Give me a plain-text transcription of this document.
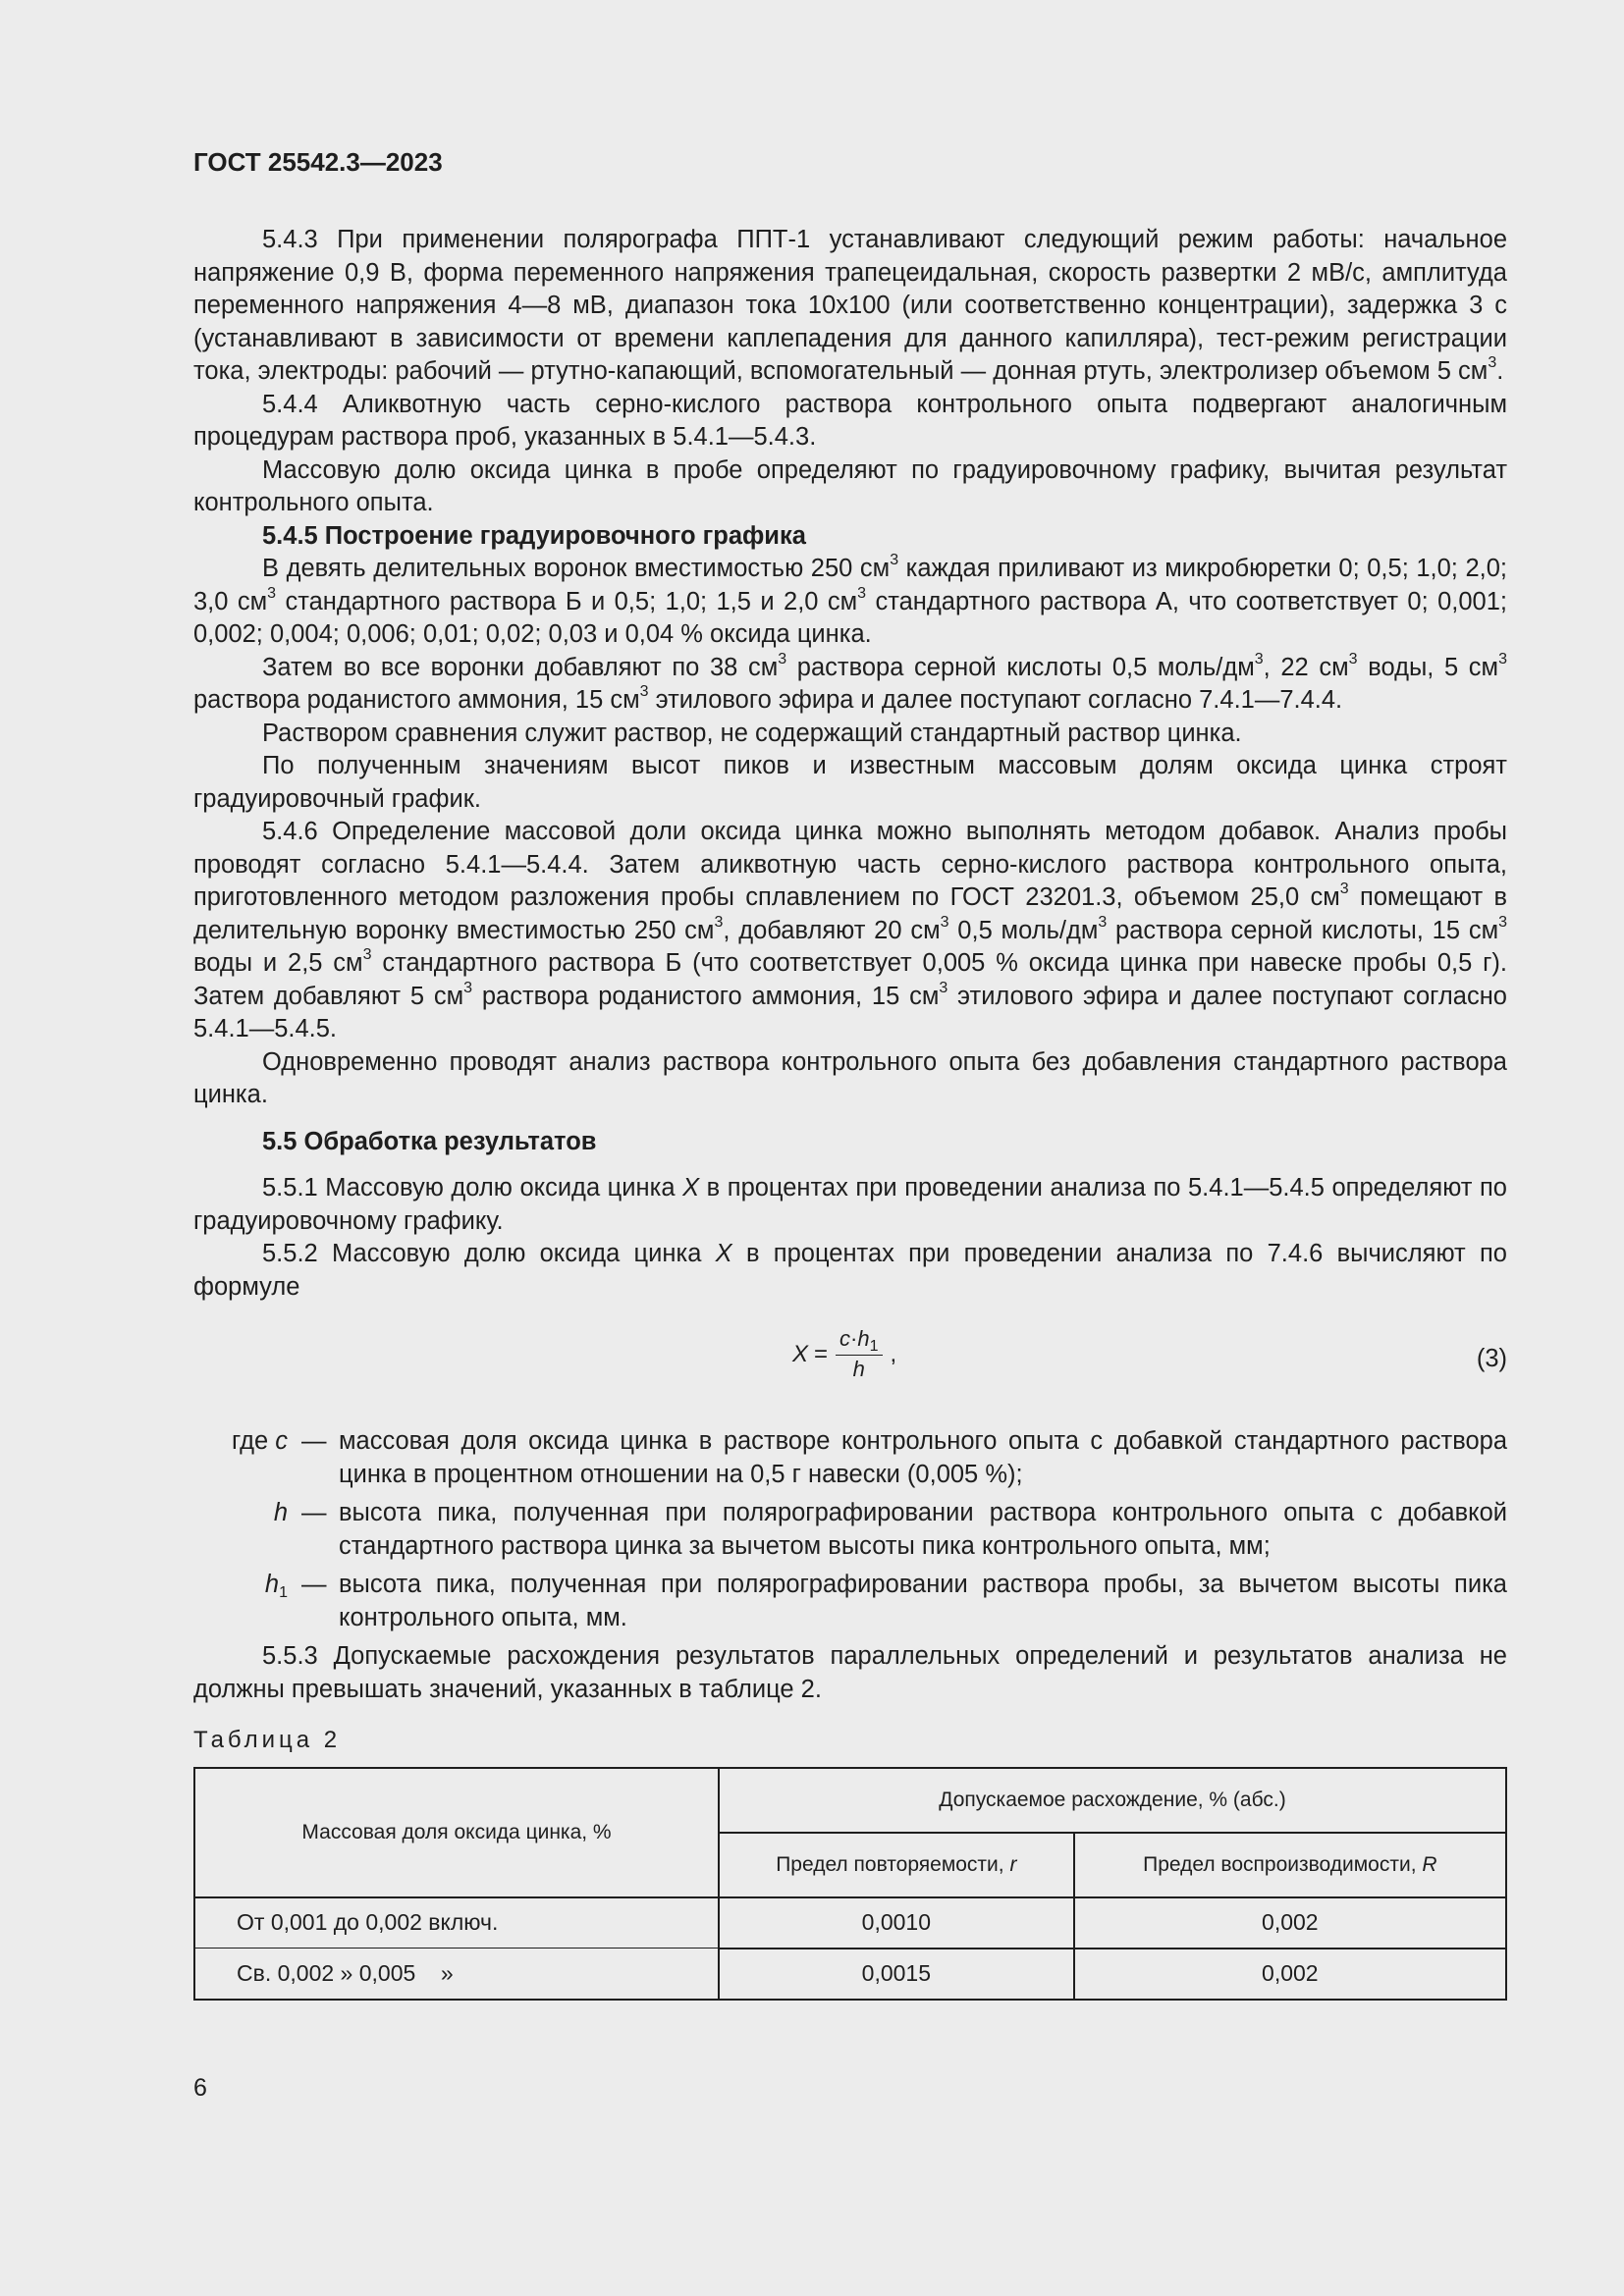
ГОСТ 25542.3—2023

5.4.3 При применении полярографа ППТ-1 устанавливают следующий режим работы: начальное напряжение 0,9 В, форма переменного напряжения трапецеидальная, скорость развертки 2 мВ/с, амплитуда переменного напряжения 4—8 мВ, диапазон тока 10х100 (или соответственно концентрации), задержка 3 с (устанавливают в зависимости от времени каплепадения для данного капилляра), тест-режим регистрации тока, электроды: рабочий — ртутно-капающий, вспомогательный — донная ртуть, электролизер объемом 5 $см^3$.

5.4.4 Аликвотную часть серно-кислого раствора контрольного опыта подвергают аналогичным процедурам раствора проб, указанных в 5.4.1—5.4.3.

Массовую долю оксида цинка в пробе определяют по градуировочному графику, вычитая результат контрольного опыта.

5.4.5 Построение градуировочного графика

В девять делительных воронок вместимостью 250 $см^3$ каждая приливают из микробюретки 0; 0,5; 1,0; 2,0; 3,0 $см^3$ стандартного раствора Б и 0,5; 1,0; 1,5 и 2,0 $см^3$ стандартного раствора А, что соответствует 0; 0,001; 0,002; 0,004; 0,006; 0,01; 0,02; 0,03 и 0,04 % оксида цинка.

Затем во все воронки добавляют по 38 $см^3$ раствора серной кислоты 0,5 моль/$дм^3$, 22 $см^3$ воды, 5 $см^3$ раствора роданистого аммония, 15 $см^3$ этилового эфира и далее поступают согласно 7.4.1—7.4.4.

Раствором сравнения служит раствор, не содержащий стандартный раствор цинка.

По полученным значениям высот пиков и известным массовым долям оксида цинка строят градуировочный график.

5.4.6 Определение массовой доли оксида цинка можно выполнять методом добавок. Анализ пробы проводят согласно 5.4.1—5.4.4. Затем аликвотную часть серно-кислого раствора контрольного опыта, приготовленного методом разложения пробы сплавлением по ГОСТ 23201.3, объемом 25,0 $см^3$ помещают в делительную воронку вместимостью 250 $см^3$, добавляют 20 $см^3$ 0,5 моль/$дм^3$ раствора серной кислоты, 15 $см^3$ воды и 2,5 $см^3$ стандартного раствора Б (что соответствует 0,005 % оксида цинка при навеске пробы 0,5 г). Затем добавляют 5 $см^3$ раствора роданистого аммония, 15 $см^3$ этилового эфира и далее поступают согласно 5.4.1—5.4.5.

Одновременно проводят анализ раствора контрольного опыта без добавления стандартного раствора цинка.

5.5 Обработка результатов

5.5.1 Массовую долю оксида цинка X в процентах при проведении анализа по 5.4.1—5.4.5 определяют по градуировочному графику.

5.5.2 Массовую долю оксида цинка X в процентах при проведении анализа по 7.4.6 вычисляют по формуле

$X = \frac{c\cdot h_1}{h}$ ,	(3)
где c — массовая доля оксида цинка в растворе контрольного опыта с добавкой стандартного раствора цинка в процентном отношении на 0,5 г навески (0,005 %);
h — высота пика, полученная при полярографировании раствора контрольного опыта с добавкой стандартного раствора цинка за вычетом высоты пика контрольного опыта, мм;
$h_1$ — высота пика, полученная при полярографировании раствора пробы, за вычетом высоты пика контрольного опыта, мм.

5.5.3 Допускаемые расхождения результатов параллельных определений и результатов анализа не должны превышать значений, указанных в таблице 2.

Таблица 2
Массовая доля оксида цинка, %	Допускаемое расхождение, % (абс.)	
	Предел повторяемости, r	Предел воспроизводимости, R
От 0,001 до 0,002 включ.	0,0010	0,002
Св. 0,002 » 0,005    »	0,0015	0,002
6
